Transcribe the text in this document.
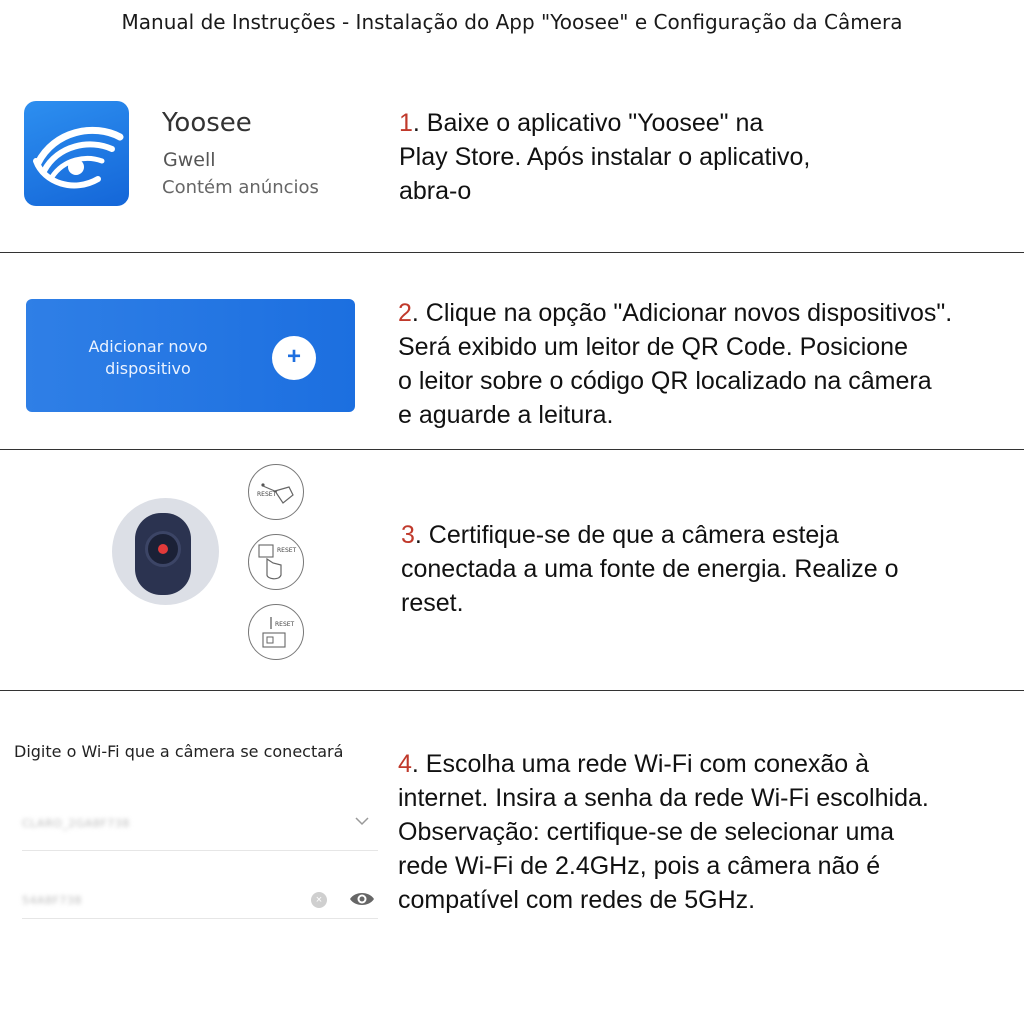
Manual de Instruções - Instalação do App "Yoosee" e Configuração da Câmera
Yoosee
Gwell
Contém anúncios

1. Baixe o aplicativo "Yoosee" na

Play Store. Após instalar o aplicativo,

abra-o

Adicionar novo
dispositivo	+

2. Clique na opção "Adicionar novos dispositivos".

Será exibido um leitor de QR Code. Posicione

o leitor sobre o código QR localizado na câmera

e aguarde a leitura.

RESET
RESET
RESET

3. Certifique-se de que a câmera esteja

conectada a uma fonte de energia. Realize o

reset.

Digite o Wi-Fi que a câmera se conectará
CLARO_2GA8F738
54A8F738	×

4. Escolha uma rede Wi-Fi com conexão à

internet. Insira a senha da rede Wi-Fi escolhida.

Observação: certifique-se de selecionar uma

rede Wi-Fi de 2.4GHz, pois a câmera não é

compatível com redes de 5GHz.
